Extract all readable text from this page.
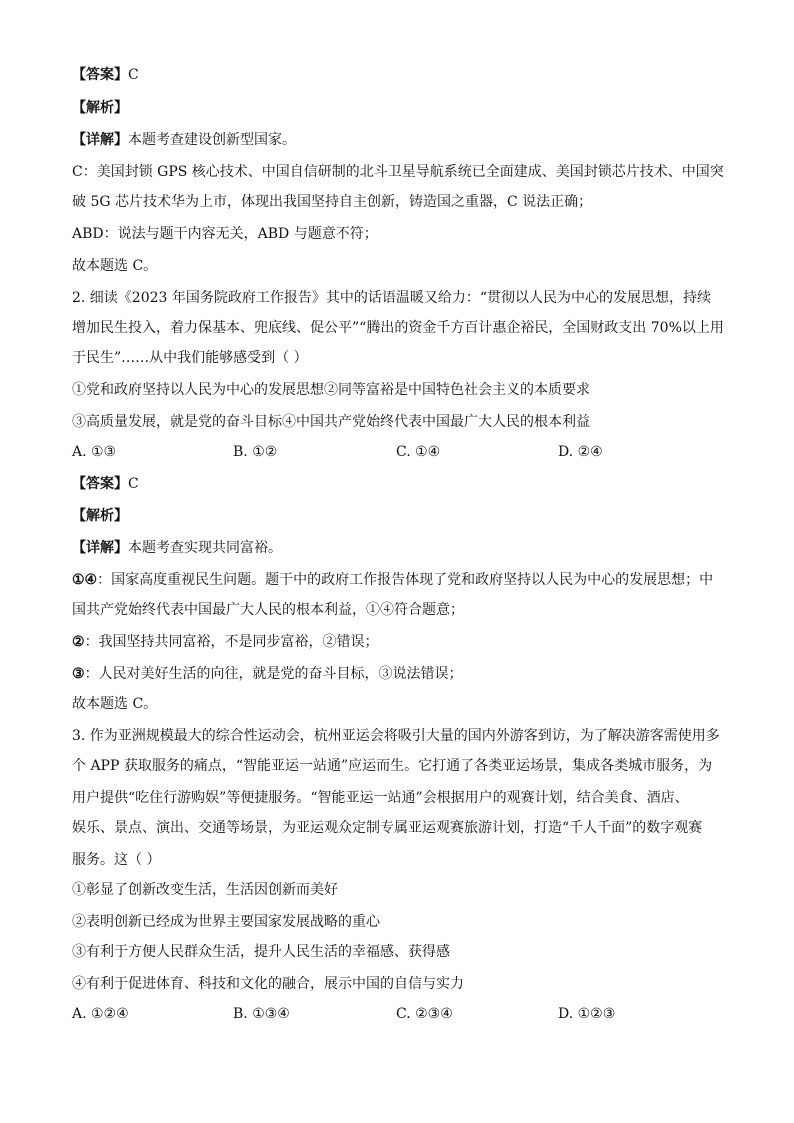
【答案】C
【解析】
【详解】本题考查建设创新型国家。
C：美国封锁 GPS 核心技术、中国自信研制的北斗卫星导航系统已全面建成、美国封锁芯片技术、中国突
破 5G 芯片技术华为上市，体现出我国坚持自主创新，铸造国之重器，C 说法正确；
ABD：说法与题干内容无关，ABD 与题意不符；
故本题选 C。
2. 细读《2023 年国务院政府工作报告》其中的话语温暖又给力：“贯彻以人民为中心的发展思想，持续
增加民生投入，着力保基本、兜底线、促公平”“腾出的资金千方百计惠企裕民，全国财政支出 70%以上用
于民生”……从中我们能够感受到（ ）
①党和政府坚持以人民为中心的发展思想②同等富裕是中国特色社会主义的本质要求
③高质量发展，就是党的奋斗目标④中国共产党始终代表中国最广大人民的根本利益
A. ①③	B. ①②	C. ①④	D. ②④
【答案】C
【解析】
【详解】本题考查实现共同富裕。
①④：国家高度重视民生问题。题干中的政府工作报告体现了党和政府坚持以人民为中心的发展思想；中
国共产党始终代表中国最广大人民的根本利益，①④符合题意；
②：我国坚持共同富裕，不是同步富裕，②错误；
③：人民对美好生活的向往，就是党的奋斗目标，③说法错误；
故本题选 C。
3. 作为亚洲规模最大的综合性运动会，杭州亚运会将吸引大量的国内外游客到访，为了解决游客需使用多
个 APP 获取服务的痛点，“智能亚运一站通”应运而生。它打通了各类亚运场景，集成各类城市服务，为
用户提供“吃住行游购娱”等便捷服务。“智能亚运一站通”会根据用户的观赛计划，结合美食、酒店、
娱乐、景点、演出、交通等场景，为亚运观众定制专属亚运观赛旅游计划，打造“千人千面”的数字观赛
服务。这（ ）
①彰显了创新改变生活，生活因创新而美好
②表明创新已经成为世界主要国家发展战略的重心
③有利于方便人民群众生活，提升人民生活的幸福感、获得感
④有利于促进体育、科技和文化的融合，展示中国的自信与实力
A. ①②④	B. ①③④	C. ②③④	D. ①②③
